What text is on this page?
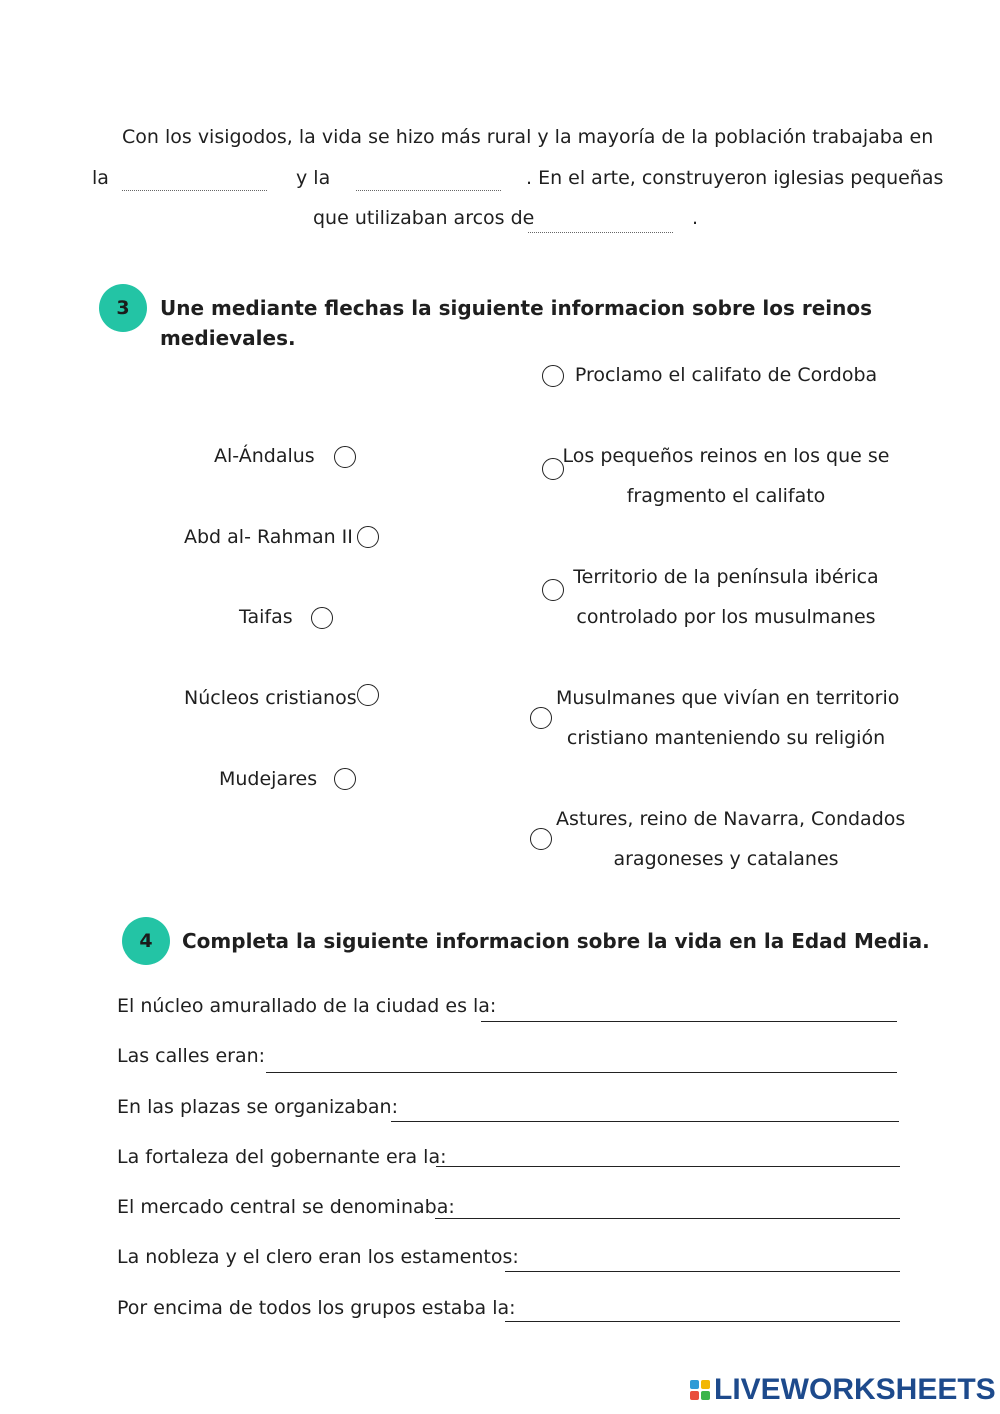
Con los visigodos, la vida se hizo más rural y la mayoría de la población trabajaba en
la	y la	. En el arte, construyeron iglesias pequeñas
que utilizaban arcos de	.
3	Une mediante flechas la siguiente informacion sobre los reinos
medievales.
Al-Ándalus
Abd al- Rahman II
Taifas
Núcleos cristianos
Mudejares
Proclamo el califato de Cordoba
Los pequeños reinos en los que se
fragmento el califato
Territorio de la península ibérica
controlado por los musulmanes
Musulmanes que vivían en territorio
cristiano manteniendo su religión
Astures, reino de Navarra, Condados
aragoneses y catalanes
4	Completa la siguiente informacion sobre la vida en la Edad Media.
El núcleo amurallado de la ciudad es la:
Las calles eran:
En las plazas se organizaban:
La fortaleza del gobernante era la:
El mercado central se denominaba:
La nobleza y el clero eran los estamentos:
Por encima de todos los grupos estaba la:
LIVEWORKSHEETS
